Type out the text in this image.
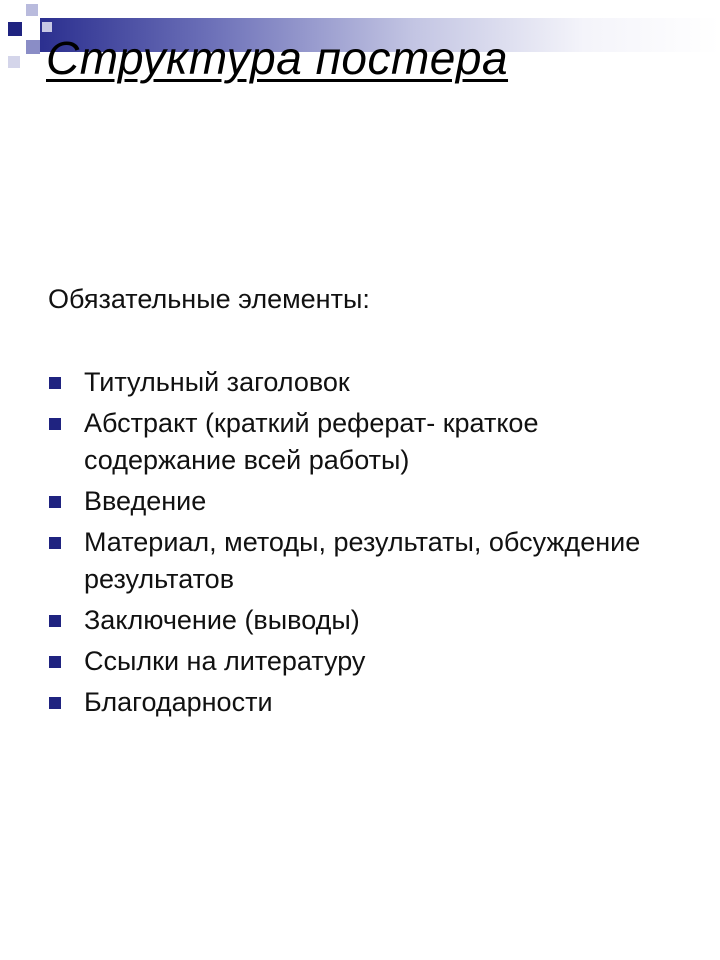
Структура постера
Обязательные элементы:
Титульный заголовок
Абстракт (краткий реферат- краткое содержание всей работы)
Введение
Материал, методы, результаты, обсуждение результатов
Заключение (выводы)
Ссылки на литературу
Благодарности
